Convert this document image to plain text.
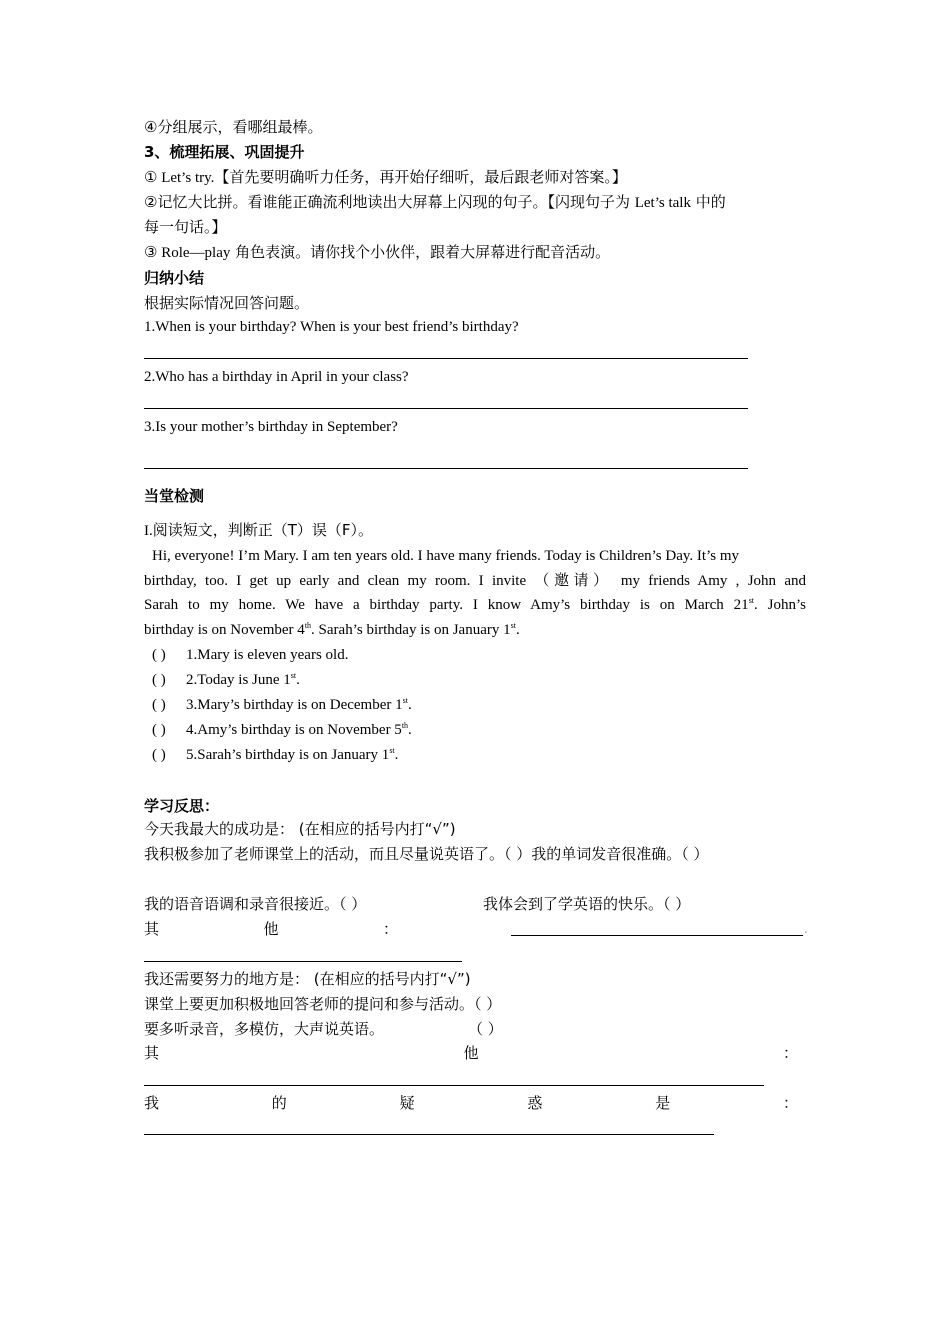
④分组展示，看哪组最棒。
3、梳理拓展、巩固提升
① Let’s try.【首先要明确听力任务，再开始仔细听，最后跟老师对答案。】
②记忆大比拼。看谁能正确流利地读出大屏幕上闪现的句子。【闪现句子为 Let’s talk 中的
每一句话。】
③ Role—play 角色表演。请你找个小伙伴，跟着大屏幕进行配音活动。
归纳小结
根据实际情况回答问题。
1.When is your birthday? When is your best friend’s birthday?
2.Who has a birthday in April in your class?
3.Is your mother’s birthday in September?
当堂检测
I.阅读短文，判断正（T）误（F）。
Hi, everyone! I’m Mary. I am ten years old. I have many friends. Today is Children’s Day. It’s my
birthday, too. I get up early and clean my room. I invite （邀请） my friends Amy , John and
Sarah to my home. We have a birthday party. I know Amy’s birthday is on March 21st. John’s
birthday is on November 4th. Sarah’s birthday is on January 1st.
( ) 1.Mary is eleven years old.
( ) 2.Today is June 1st.
( ) 3.Mary’s birthday is on December 1st.
( ) 4.Amy’s birthday is on November 5th.
( ) 5.Sarah’s birthday is on January 1st.
学习反思：
今天我最大的成功是： (在相应的括号内打“√”)
我积极参加了老师课堂上的活动，而且尽量说英语了。（ ）我的单词发音很准确。（ ）
我的语音语调和录音很接近。（ ）	我体会到了学英语的快乐。（ ）
其	他	：	.
我还需要努力的地方是： (在相应的括号内打“√”)
课堂上要更加积极地回答老师的提问和参与活动。（ ）
要多听录音，多模仿，大声说英语。	（ ）
其	他	：
我	的	疑	惑	是	：
